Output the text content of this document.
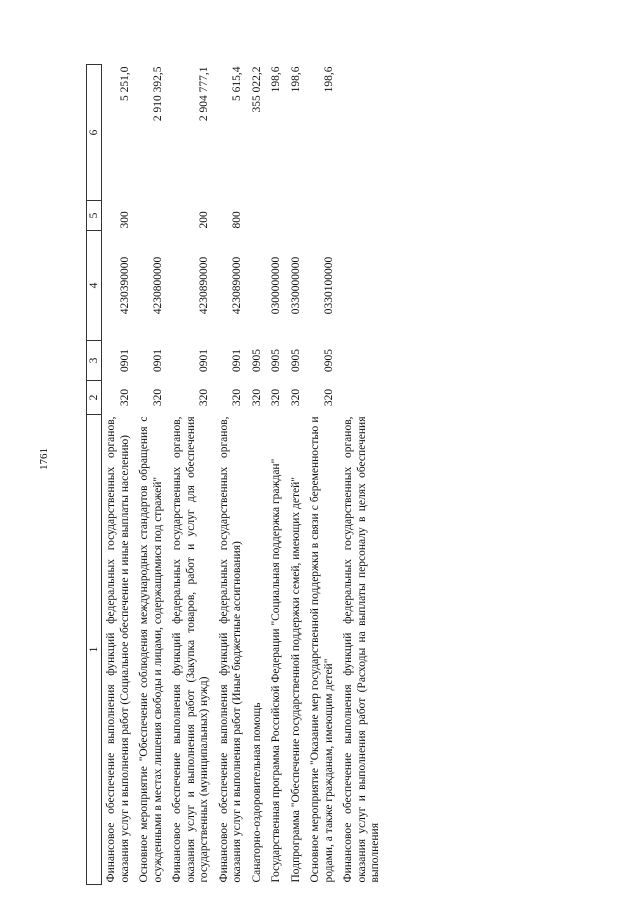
1761
1	2	3	4	5	6
Финансовое обеспечение выполнения функций федеральных государственных органов, оказания услуг и выполнения работ (Социальное обеспечение и иные выплаты населению)	320	0901	4230390000	300	5 251,0
Основное мероприятие "Обеспечение соблюдения международных стандартов обращения с осужденными в местах лишения свободы и лицами, содержащимися под стражей"	320	0901	4230800000		2 910 392,5
Финансовое обеспечение выполнения функций федеральных государственных органов, оказания услуг и выполнения работ (Закупка товаров, работ и услуг для обеспечения государственных (муниципальных) нужд)	320	0901	4230890000	200	2 904 777,1
Финансовое обеспечение выполнения функций федеральных государственных органов, оказания услуг и выполнения работ (Иные бюджетные ассигнования)	320	0901	4230890000	800	5 615,4
Санаторно-оздоровительная помощь	320	0905			355 022,2
Государственная программа Российской Федерации "Социальная поддержка граждан"	320	0905	0300000000		198,6
Подпрограмма "Обеспечение государственной поддержки семей, имеющих детей"	320	0905	0330000000		198,6
Основное мероприятие "Оказание мер государственной поддержки в связи с беременностью и родами, а также гражданам, имеющим детей"	320	0905	0330100000		198,6
Финансовое обеспечение выполнения функций федеральных государственных органов, оказания услуг и выполнения работ (Расходы на выплаты персоналу в целях обеспечения выполнения					
